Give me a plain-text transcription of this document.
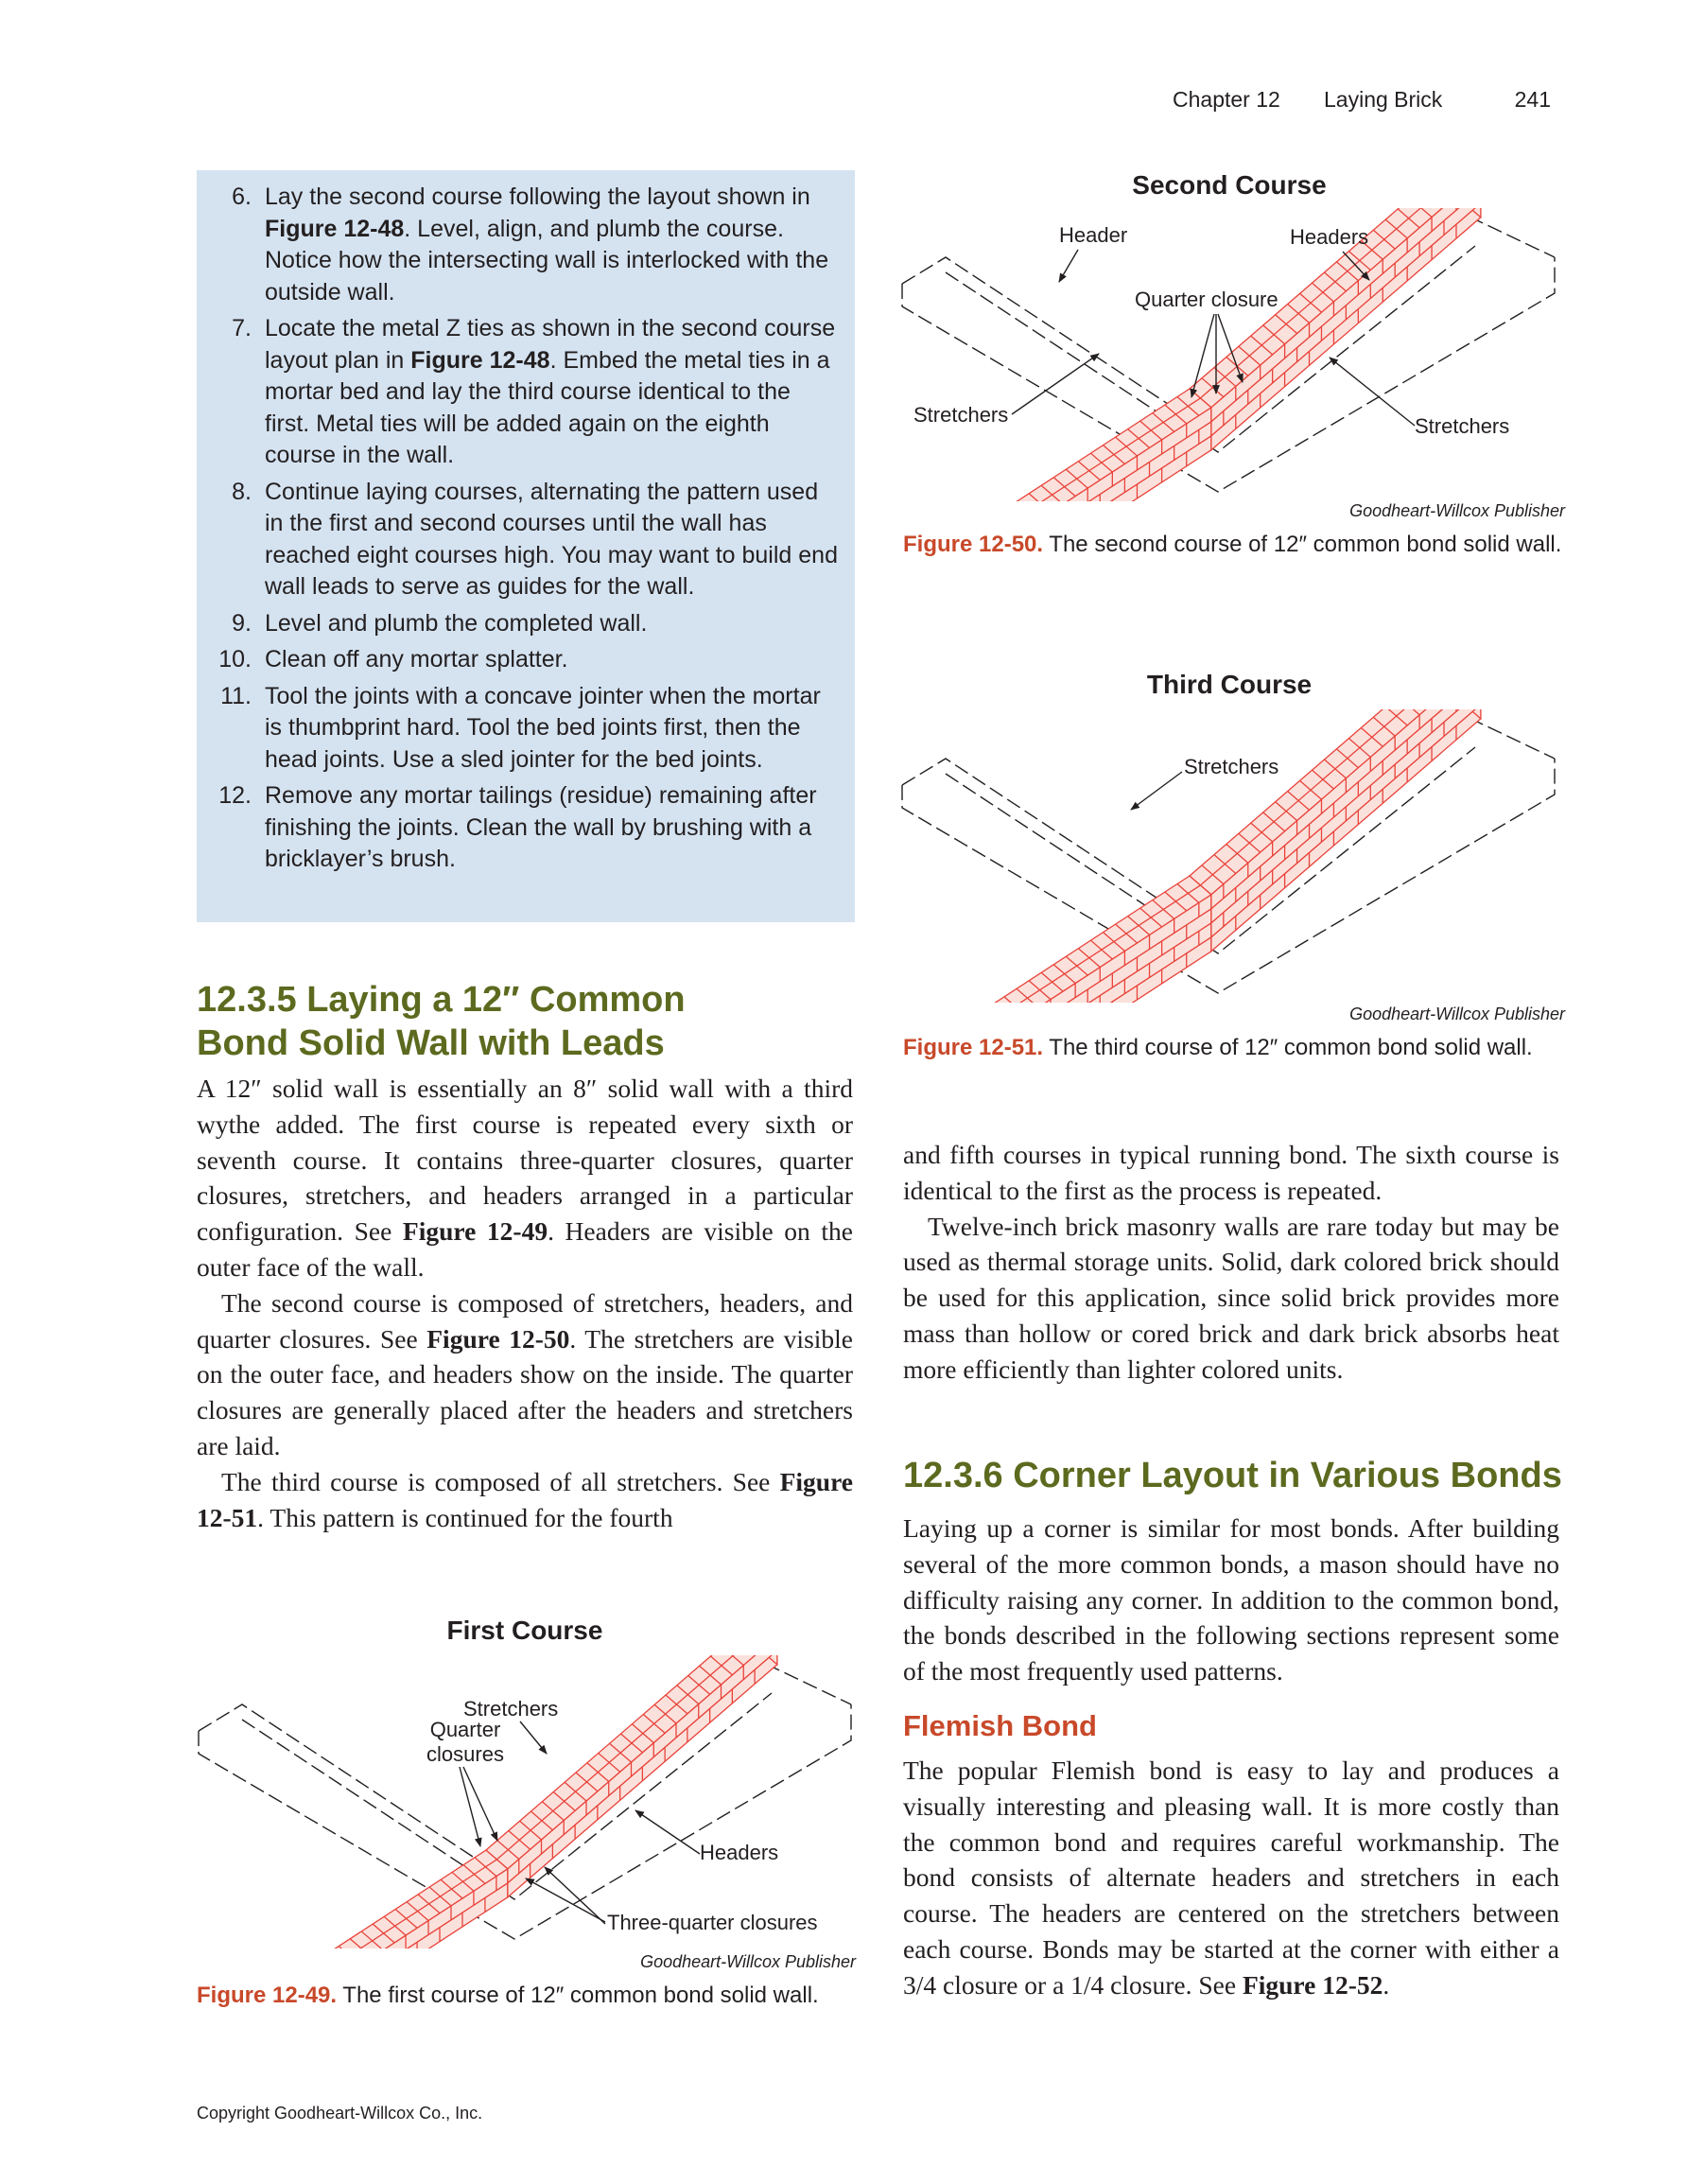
Chapter 12 Laying Brick	241
6. Lay the second course following the layout shown in Figure 12-48. Level, align, and plumb the course. Notice how the intersecting wall is interlocked with the outside wall.
7. Locate the metal Z ties as shown in the second course layout plan in Figure 12-48. Embed the metal ties in a mortar bed and lay the third course identical to the first. Metal ties will be added again on the eighth course in the wall.
8. Continue laying courses, alternating the pattern used in the first and second courses until the wall has reached eight courses high. You may want to build end wall leads to serve as guides for the wall.
9. Level and plumb the completed wall.
10. Clean off any mortar splatter.
11. Tool the joints with a concave jointer when the mortar is thumbprint hard. Tool the bed joints first, then the head joints. Use a sled jointer for the bed joints.
12. Remove any mortar tailings (residue) remaining after finishing the joints. Clean the wall by brushing with a bricklayer’s brush.
12.3.5 Laying a 12″ Common
Bond Solid Wall with Leads

A 12″ solid wall is essentially an 8″ solid wall with a third wythe added. The first course is repeated every sixth or seventh course. It contains three-quarter closures, quarter closures, stretchers, and headers arranged in a particular configuration. See Figure 12-49. Headers are visible on the outer face of the wall.

The second course is composed of stretchers, headers, and quarter closures. See Figure 12-50. The stretchers are visible on the outer face, and headers show on the inside. The quarter closures are generally placed after the headers and stretchers are laid.

The third course is composed of all stretchers. See Figure 12-51. This pattern is continued for the fourth

and fifth courses in typical running bond. The sixth course is identical to the first as the process is repeated.

Twelve-inch brick masonry walls are rare today but may be used as thermal storage units. Solid, dark colored brick should be used for this application, since solid brick provides more mass than hollow or cored brick and dark brick absorbs heat more efficiently than lighter colored units.

12.3.6 Corner Layout in Various Bonds

Laying up a corner is similar for most bonds. After building several of the more common bonds, a mason should have no difficulty raising any corner. In addition to the common bond, the bonds described in the following sections represent some of the most frequently used patterns.

Flemish Bond

The popular Flemish bond is easy to lay and produces a visually interesting and pleasing wall. It is more costly than the common bond and requires careful workmanship. The bond consists of alternate headers and stretchers in each course. The headers are centered on the stretchers between each course. Bonds may be started at the corner with either a 3/4 closure or a 1/4 closure. See Figure 12-52.

Second Course
Header	Headers
Quarter closure
Stretchers	Stretchers
Goodheart-Willcox Publisher
Figure 12-50. The second course of 12″ common bond solid wall.
Third Course
Stretchers
Goodheart-Willcox Publisher
Figure 12-51. The third course of 12″ common bond solid wall.
First Course
Stretchers
Quarter
closures
Headers
Three-quarter closures
Goodheart-Willcox Publisher
Figure 12-49. The first course of 12″ common bond solid wall.
Copyright Goodheart-Willcox Co., Inc.
